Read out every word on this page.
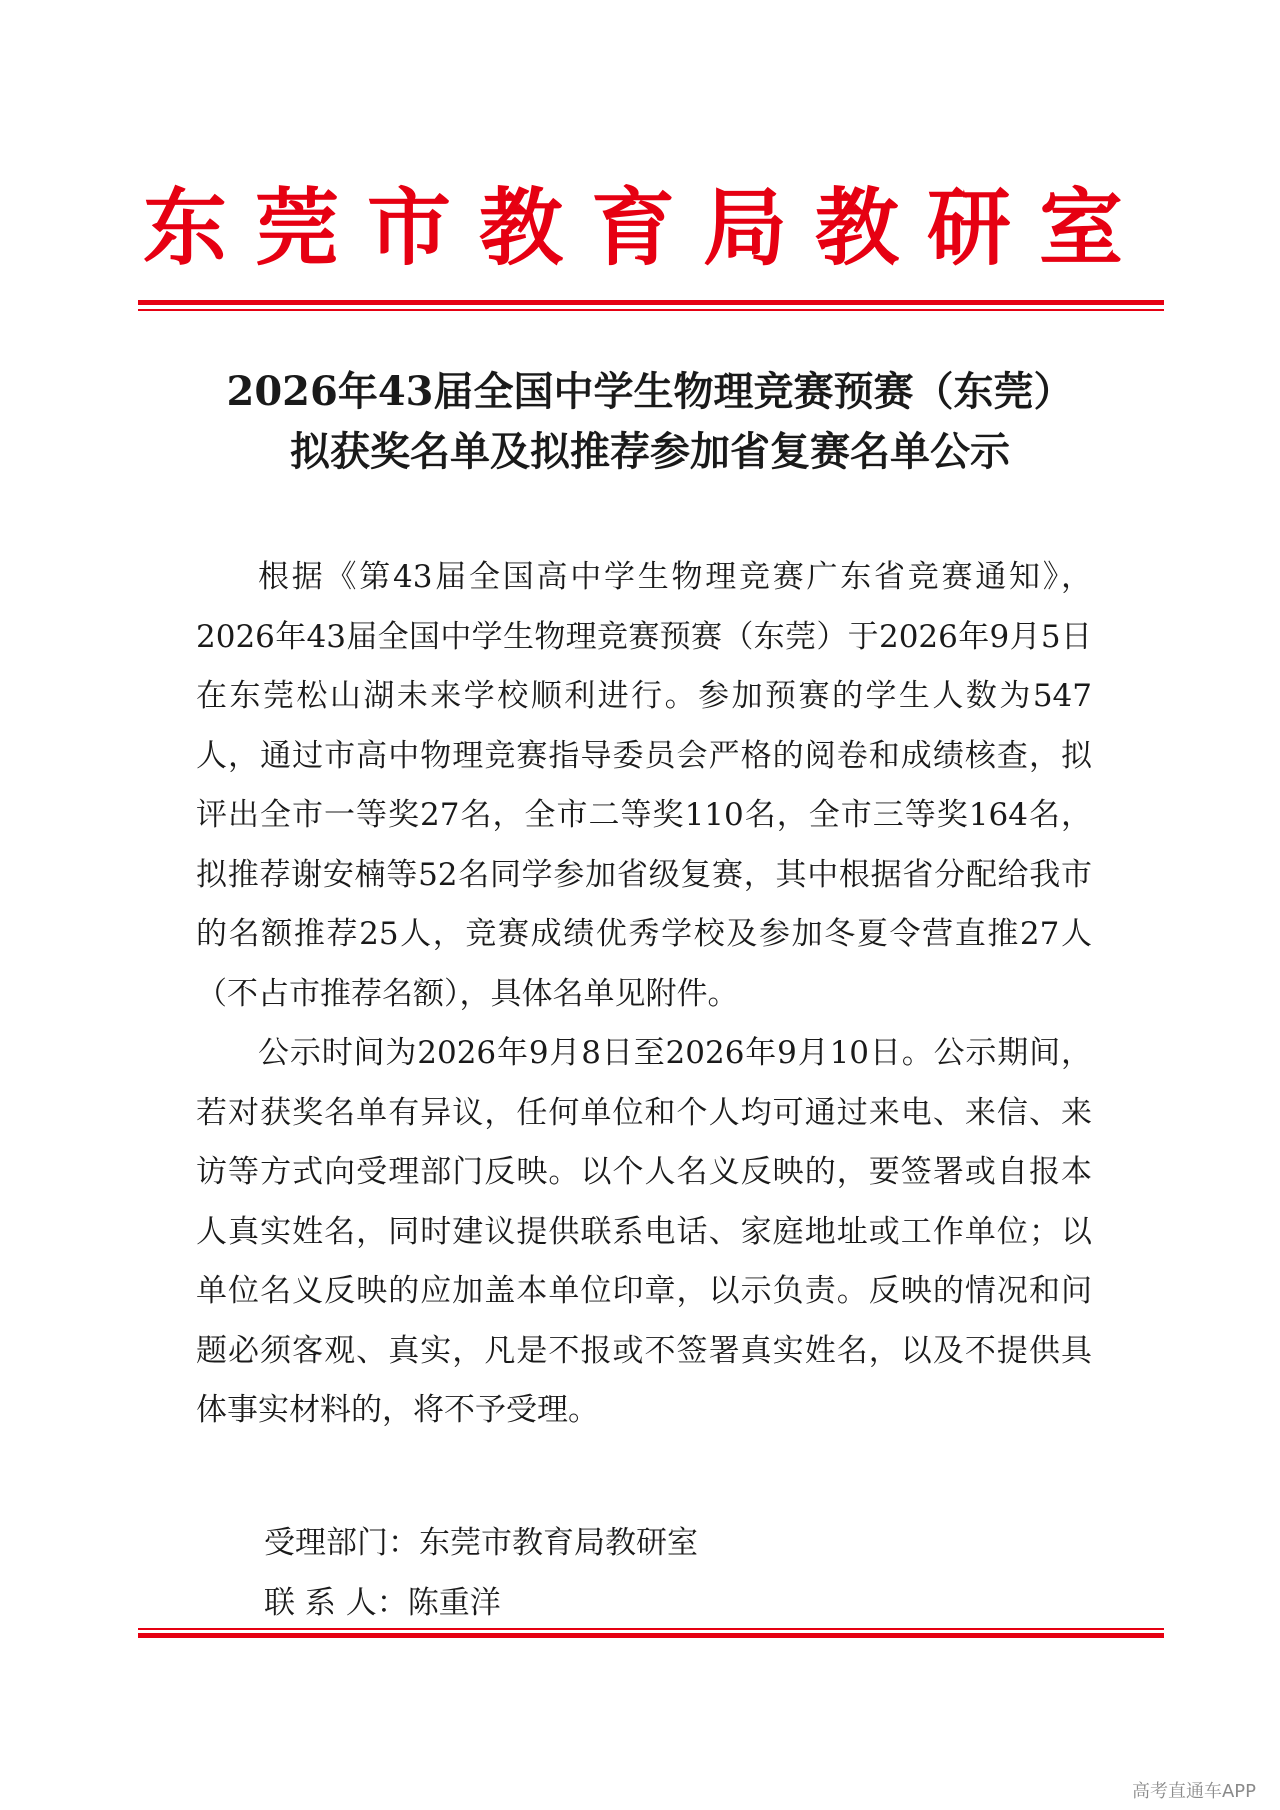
东莞市教育局教研室
2026年43届全国中学生物理竞赛预赛（东莞）
拟获奖名单及拟推荐参加省复赛名单公示

根据《第43届全国高中学生物理竞赛广东省竞赛通知》，2026年43届全国中学生物理竞赛预赛（东莞）于2026年9月5日在东莞松山湖未来学校顺利进行。参加预赛的学生人数为547人，通过市高中物理竞赛指导委员会严格的阅卷和成绩核查，拟评出全市一等奖27名，全市二等奖110名，全市三等奖164名，拟推荐谢安楠等52名同学参加省级复赛，其中根据省分配给我市的名额推荐25人，竞赛成绩优秀学校及参加冬夏令营直推27人（不占市推荐名额），具体名单见附件。

公示时间为2026年9月8日至2026年9月10日。公示期间，若对获奖名单有异议，任何单位和个人均可通过来电、来信、来访等方式向受理部门反映。以个人名义反映的，要签署或自报本人真实姓名，同时建议提供联系电话、家庭地址或工作单位；以单位名义反映的应加盖本单位印章，以示负责。反映的情况和问题必须客观、真实，凡是不报或不签署真实姓名，以及不提供具体事实材料的，将不予受理。

受理部门：东莞市教育局教研室
联 系 人：陈重洋
高考直通车APP
